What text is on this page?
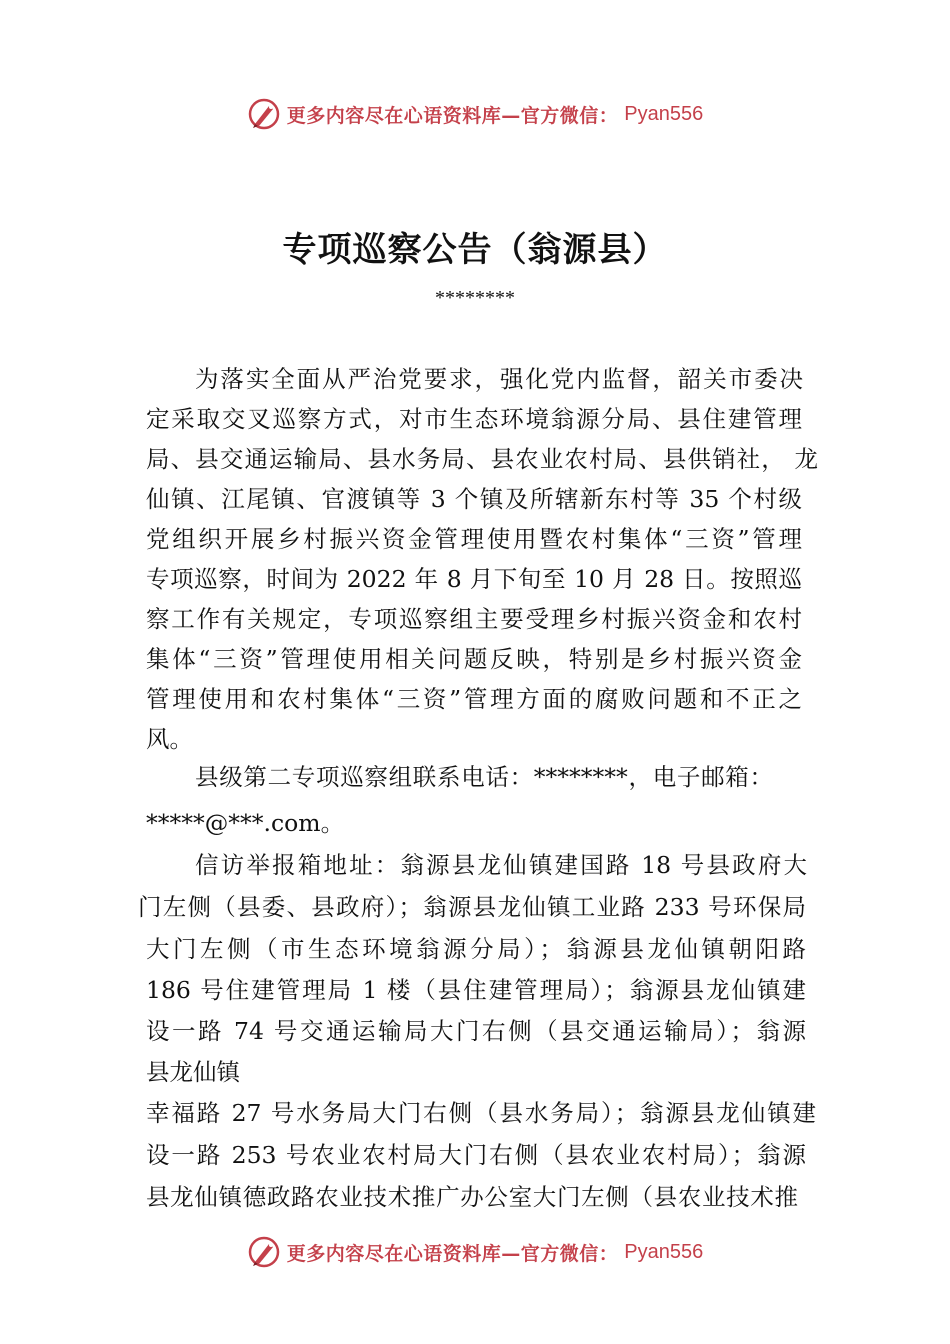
更多内容尽在心语资料库—官方微信： Pyan556
专项巡察公告（翁源县）
********
为落实全面从严治党要求，强化党内监督，韶关市委决
定采取交叉巡察方式，对市生态环境翁源分局、县住建管理
局、县交通运输局、县水务局、县农业农村局、县供销社， 龙
仙镇、江尾镇、官渡镇等 3 个镇及所辖新东村等 35 个村级
党组织开展乡村振兴资金管理使用暨农村集体“三资”管理
专项巡察，时间为 2022 年 8 月下旬至 10 月 28 日。按照巡
察工作有关规定，专项巡察组主要受理乡村振兴资金和农村
集体“三资”管理使用相关问题反映，特别是乡村振兴资金
管理使用和农村集体“三资”管理方面的腐败问题和不正之
风。
县级第二专项巡察组联系电话：********，电子邮箱：
*****@***.com。
信访举报箱地址：翁源县龙仙镇建国路 18 号县政府大
门左侧（县委、县政府）；翁源县龙仙镇工业路 233 号环保局
大门左侧（市生态环境翁源分局）；翁源县龙仙镇朝阳路
186 号住建管理局 1 楼（县住建管理局）；翁源县龙仙镇建
设一路 74 号交通运输局大门右侧（县交通运输局）；翁源
县龙仙镇
幸福路 27 号水务局大门右侧（县水务局）；翁源县龙仙镇建
设一路 253 号农业农村局大门右侧（县农业农村局）；翁源
县龙仙镇德政路农业技术推广办公室大门左侧（县农业技术推
更多内容尽在心语资料库—官方微信： Pyan556
